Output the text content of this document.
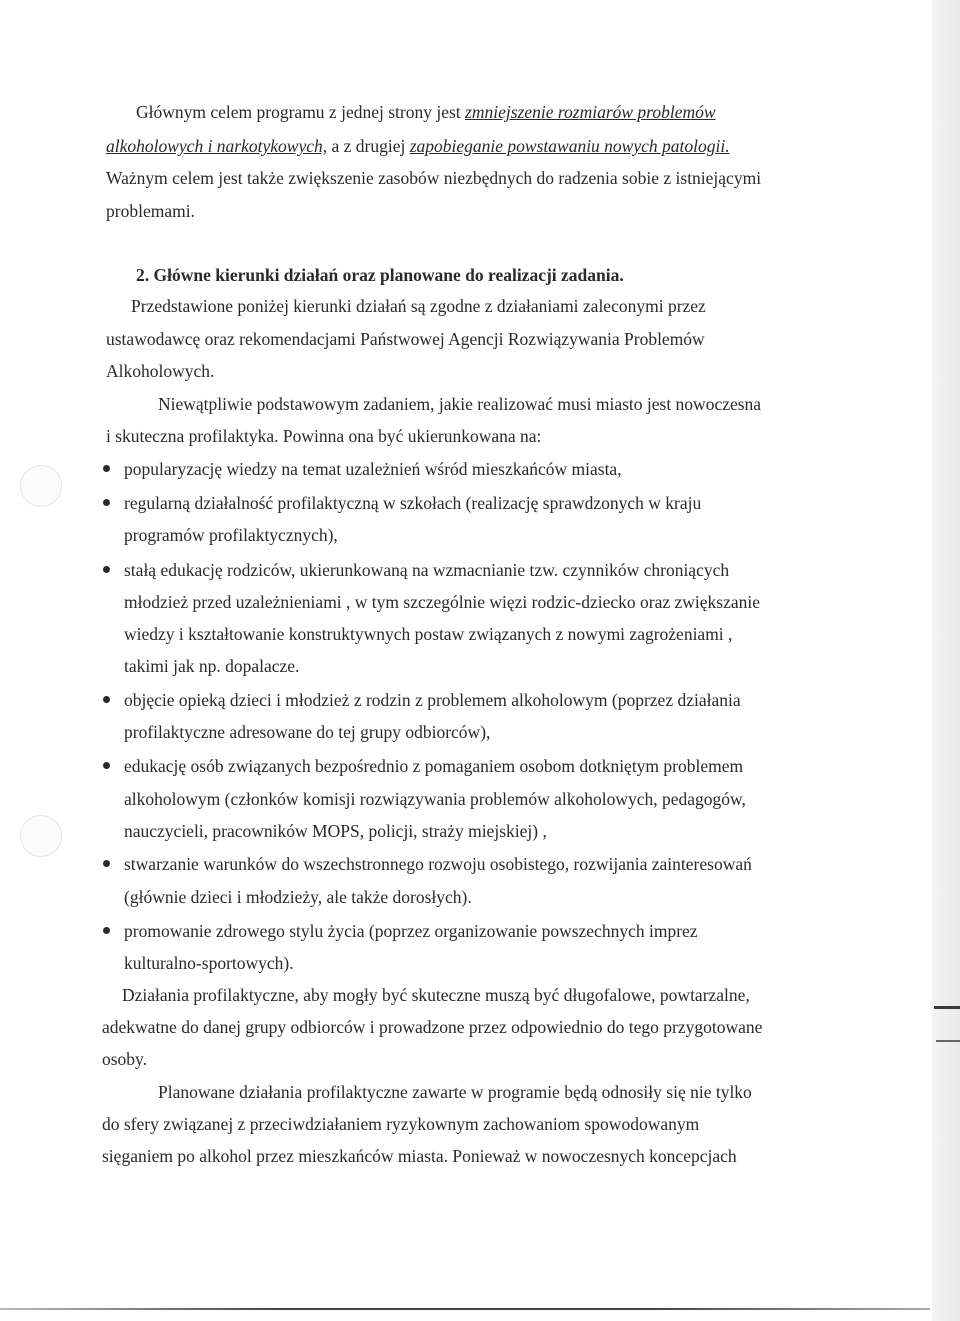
Głównym celem programu z jednej strony jest zmniejszenie rozmiarów problemów
alkoholowych i narkotykowych, a z drugiej zapobieganie powstawaniu nowych patologii.
Ważnym celem jest także zwiększenie zasobów niezbędnych do radzenia sobie z istniejącymi
problemami.
2. Główne kierunki działań oraz planowane do realizacji zadania.
Przedstawione poniżej kierunki działań są zgodne z działaniami zaleconymi przez
ustawodawcę oraz rekomendacjami Państwowej Agencji Rozwiązywania Problemów
Alkoholowych.
Niewątpliwie podstawowym zadaniem, jakie realizować musi miasto jest nowoczesna
i skuteczna profilaktyka. Powinna ona być ukierunkowana na:
popularyzację wiedzy na temat uzależnień wśród mieszkańców miasta,
regularną działalność profilaktyczną w szkołach (realizację sprawdzonych w kraju
programów profilaktycznych),
stałą edukację rodziców, ukierunkowaną na wzmacnianie tzw. czynników chroniących
młodzież przed uzależnieniami , w tym szczególnie więzi rodzic-dziecko oraz zwiększanie
wiedzy i kształtowanie konstruktywnych postaw związanych z nowymi zagrożeniami ,
takimi jak np. dopalacze.
objęcie opieką dzieci i młodzież z rodzin z problemem alkoholowym (poprzez działania
profilaktyczne adresowane do tej grupy odbiorców),
edukację osób związanych bezpośrednio z pomaganiem osobom dotkniętym problemem
alkoholowym (członków komisji rozwiązywania problemów alkoholowych, pedagogów,
nauczycieli, pracowników MOPS, policji, straży miejskiej) ,
stwarzanie warunków do wszechstronnego rozwoju osobistego, rozwijania zainteresowań
(głównie dzieci i młodzieży, ale także dorosłych).
promowanie zdrowego stylu życia (poprzez organizowanie powszechnych imprez
kulturalno-sportowych).
Działania profilaktyczne, aby mogły być skuteczne muszą być długofalowe, powtarzalne,
adekwatne do danej grupy odbiorców i prowadzone przez odpowiednio do tego przygotowane
osoby.
Planowane działania profilaktyczne zawarte w programie będą odnosiły się nie tylko
do sfery związanej z przeciwdziałaniem ryzykownym zachowaniom spowodowanym
sięganiem po alkohol przez mieszkańców miasta. Ponieważ w nowoczesnych koncepcjach
